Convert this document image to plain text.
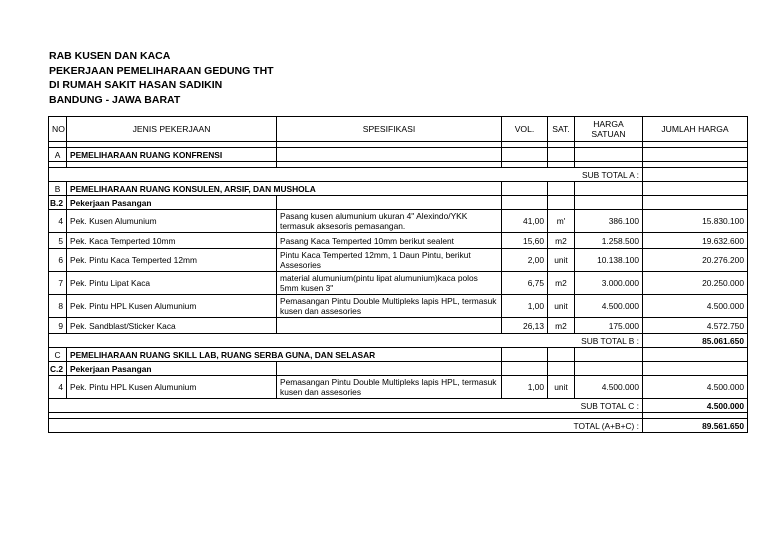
RAB KUSEN DAN KACA
PEKERJAAN PEMELIHARAAN GEDUNG THT
DI RUMAH SAKIT HASAN SADIKIN
BANDUNG - JAWA BARAT
NO	JENIS PEKERJAAN	SPESIFIKASI	VOL.	SAT.	HARGA SATUAN	JUMLAH HARGA

A	PEMELIHARAAN RUANG KONFRENSI					

SUB TOTAL A :						
B	PEMELIHARAAN RUANG KONSULEN, ARSIF, DAN MUSHOLA					
B.2	Pekerjaan Pasangan					
4	Pek. Kusen Alumunium	Pasang kusen alumunium ukuran 4" Alexindo/YKK termasuk aksesoris pemasangan.	41,00	m'	386.100	15.830.100
5	Pek. Kaca Temperted 10mm	Pasang Kaca Temperted 10mm berikut sealent	15,60	m2	1.258.500	19.632.600
6	Pek. Pintu Kaca Temperted 12mm	Pintu Kaca Temperted 12mm, 1 Daun Pintu, berikut Assesories	2,00	unit	10.138.100	20.276.200
7	Pek. Pintu Lipat Kaca	material alumunium(pintu lipat alumunium)kaca polos 5mm kusen 3"	6,75	m2	3.000.000	20.250.000
8	Pek. Pintu HPL Kusen Alumunium	Pemasangan Pintu Double Multipleks lapis HPL, termasuk kusen dan assesories	1,00	unit	4.500.000	4.500.000
9	Pek. Sandblast/Sticker Kaca		26,13	m2	175.000	4.572.750
SUB TOTAL B :						85.061.650
C	PEMELIHARAAN RUANG SKILL LAB, RUANG SERBA GUNA, DAN SELASAR					
C.2	Pekerjaan Pasangan					
4	Pek. Pintu HPL Kusen Alumunium	Pemasangan Pintu Double Multipleks lapis HPL, termasuk kusen dan assesories	1,00	unit	4.500.000	4.500.000
SUB TOTAL C :						4.500.000

TOTAL (A+B+C) :						89.561.650
